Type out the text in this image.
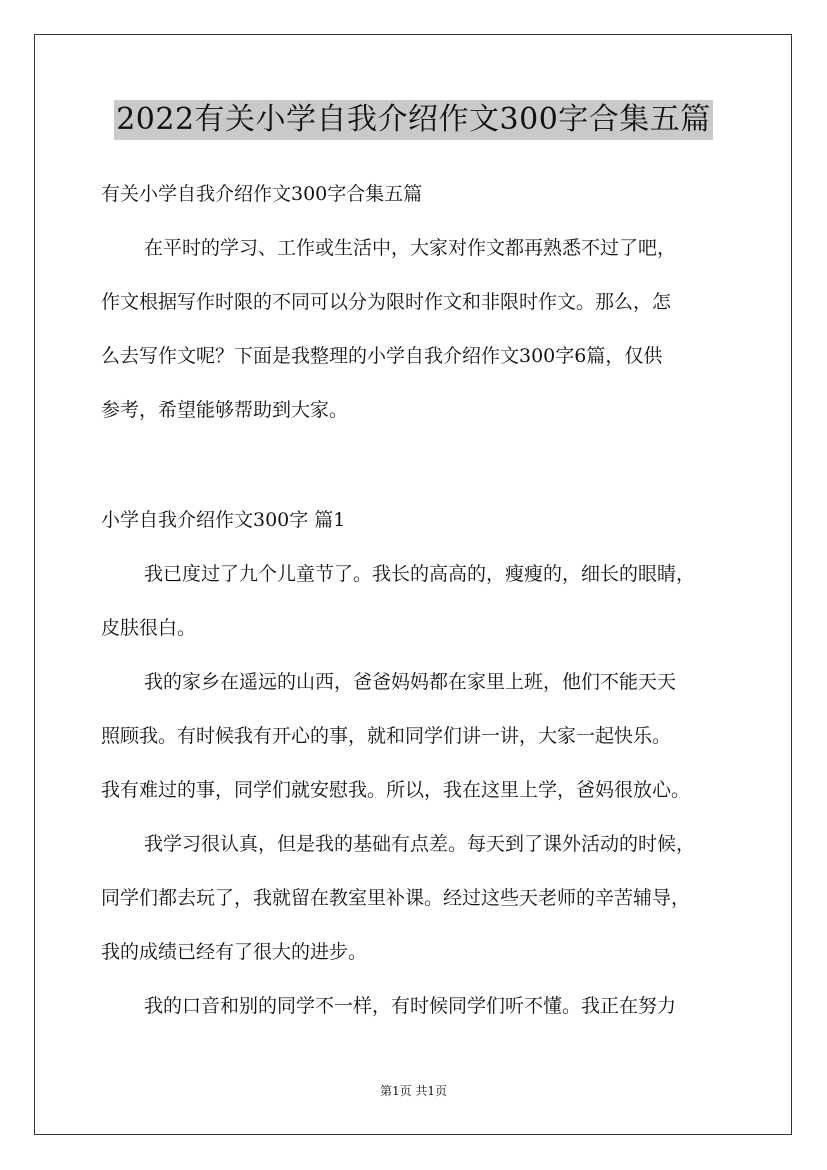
2022有关小学自我介绍作文300字合集五篇
有关小学自我介绍作文300字合集五篇
在平时的学习、工作或生活中，大家对作文都再熟悉不过了吧，
作文根据写作时限的不同可以分为限时作文和非限时作文。那么，怎
么去写作文呢？下面是我整理的小学自我介绍作文300字6篇，仅供
参考，希望能够帮助到大家。
小学自我介绍作文300字 篇1
我已度过了九个儿童节了。我长的高高的，瘦瘦的，细长的眼睛，
皮肤很白。
我的家乡在遥远的山西，爸爸妈妈都在家里上班，他们不能天天
照顾我。有时候我有开心的事，就和同学们讲一讲，大家一起快乐。
我有难过的事，同学们就安慰我。所以，我在这里上学，爸妈很放心。
我学习很认真，但是我的基础有点差。每天到了课外活动的时候，
同学们都去玩了，我就留在教室里补课。经过这些天老师的辛苦辅导，
我的成绩已经有了很大的进步。
我的口音和别的同学不一样，有时候同学们听不懂。我正在努力
第1页 共1页
